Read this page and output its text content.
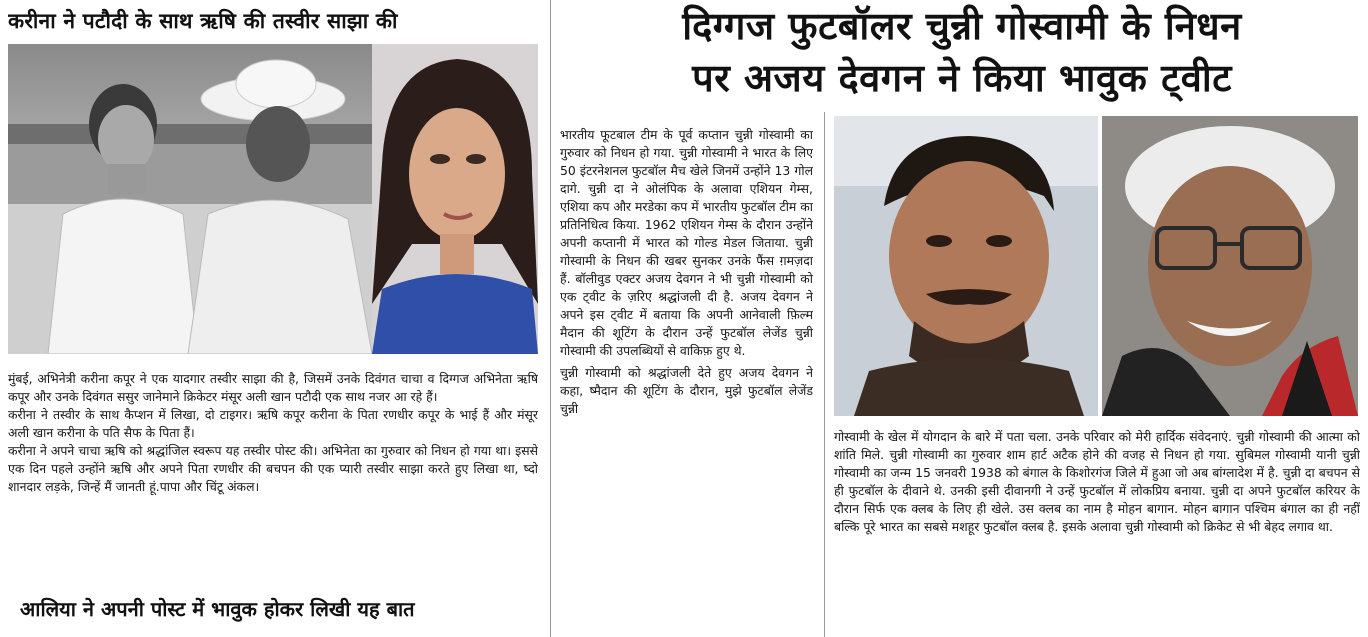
करीना ने पटौदी के साथ ऋषि की तस्वीर साझा की

मुंबई, अभिनेत्री करीना कपूर ने एक यादगार तस्वीर साझा की है, जिसमें उनके दिवंगत चाचा व दिग्गज अभिनेता ऋषि कपूर और उनके दिवंगत ससुर जानेमाने क्रिकेटर मंसूर अली खान पटौदी एक साथ नजर आ रहे हैं।

करीना ने तस्वीर के साथ कैप्शन में लिखा, दो टाइगर। ऋषि कपूर करीना के पिता रणधीर कपूर के भाई हैं और मंसूर अली खान करीना के पति सैफ के पिता हैं।

करीना ने अपने चाचा ऋषि को श्रद्धांजिल स्वरूप यह तस्वीर पोस्ट की। अभिनेता का गुरुवार को निधन हो गया था। इससे एक दिन पहले उन्होंने ऋषि और अपने पिता रणधीर की बचपन की एक प्यारी तस्वीर साझा करते हुए लिखा था, ष्दो शानदार लड़के, जिन्हें मैं जानती हूं.पापा और चिंटू अंकल।

आलिया ने अपनी पोस्ट में भावुक होकर लिखी यह बात
दिग्गज फुटबॉलर चुन्नी गोस्वामी के निधन
पर अजय देवगन ने किया भावुक ट्वीट

भारतीय फूटबाल टीम के पूर्व कप्तान चुन्नी गोस्वामी का गुरुवार को निधन हो गया. चुन्नी गोस्वामी ने भारत के लिए 50 इंटरनेशनल फुटबॉल मैच खेले जिनमें उन्होंने 13 गोल दागे. चुन्नी दा ने ओलंपिक के अलावा एशियन गेम्स, एशिया कप और मरडेका कप में भारतीय फुटबॉल टीम का प्रतिनिधित्व किया. 1962 एशियन गेम्स के दौरान उन्होंने अपनी कप्तानी में भारत को गोल्ड मेडल जिताया. चुन्नी गोस्वामी के निधन की खबर सुनकर उनके फैंस ग़मज़दा हैं. बॉलीवुड एक्टर अजय देवगन ने भी चुन्नी गोस्वामी को एक ट्वीट के ज़रिए श्रद्धांजली दी है. अजय देवगन ने अपने इस ट्वीट में बताया कि अपनी आनेवाली फ़िल्म मैदान की शूटिंग के दौरान उन्हें फुटबॉल लेजेंड चुन्नी गोस्वामी की उपलब्धियों से वाकिफ़ हुए थे.

चुन्नी गोस्वामी को श्रद्धांजली देते हुए अजय देवगन ने कहा, ष्मैदान की शूटिंग के दौरान, मुझे फुटबॉल लेजेंड चुन्नी

गोस्वामी के खेल में योगदान के बारे में पता चला. उनके परिवार को मेरी हार्दिक संवेदनाएं. चुन्नी गोस्वामी की आत्मा को शांति मिले. चुन्नी गोस्वामी का गुरुवार शाम हार्ट अटैक होने की वजह से निधन हो गया. सुबिमल गोस्वामी यानी चुन्नी गोस्वामी का जन्म 15 जनवरी 1938 को बंगाल के किशोरगंज जिले में हुआ जो अब बांग्लादेश में है. चुन्नी दा बचपन से ही फुटबॉल के दीवाने थे. उनकी इसी दीवानगी ने उन्हें फुटबॉल में लोकप्रिय बनाया. चुन्नी दा अपने फुटबॉल करियर के दौरान सिर्फ एक क्लब के लिए ही खेले. उस क्लब का नाम है मोहन बागान. मोहन बागान पश्चिम बंगाल का ही नहीं बल्कि पूरे भारत का सबसे मशहूर फुटबॉल क्लब है. इसके अलावा चुन्नी गोस्वामी को क्रिकेट से भी बेहद लगाव था.
